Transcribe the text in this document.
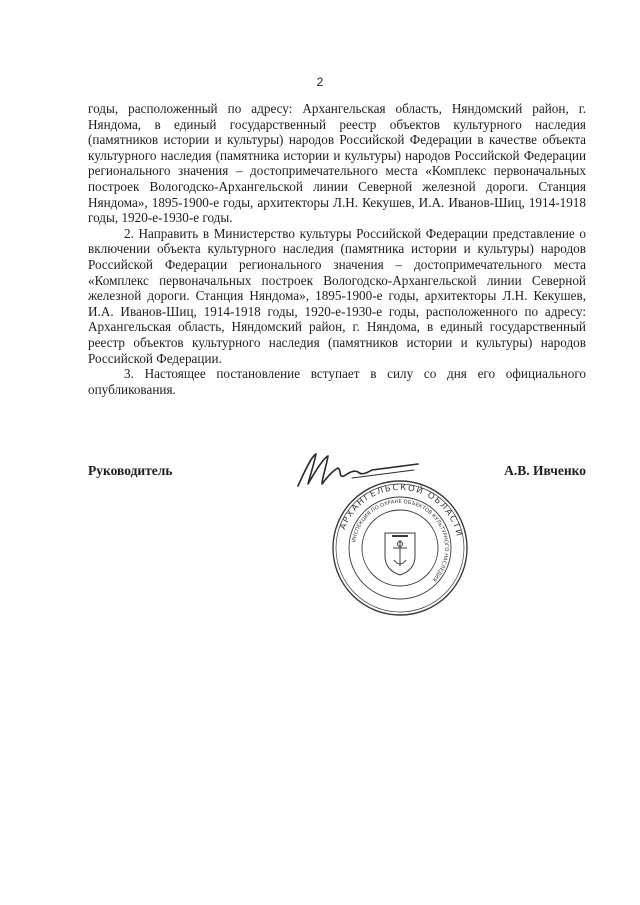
2

годы, расположенный по адресу: Архангельская область, Няндомский район, г. Няндома, в единый государственный реестр объектов культурного наследия (памятников истории и культуры) народов Российской Федерации в качестве объекта культурного наследия (памятника истории и культуры) народов Российской Федерации регионального значения – достопримечательного места «Комплекс первоначальных построек Вологодско-Архангельской линии Северной железной дороги. Станция Няндома», 1895-1900-е годы, архитекторы Л.Н. Кекушев, И.А. Иванов-Шиц, 1914-1918 годы, 1920-е-1930-е годы.

2. Направить в Министерство культуры Российской Федерации представление о включении объекта культурного наследия (памятника истории и культуры) народов Российской Федерации регионального значения – достопримечательного места «Комплекс первоначальных построек Вологодско-Архангельской линии Северной железной дороги. Станция Няндома», 1895-1900-е годы, архитекторы Л.Н. Кекушев, И.А. Иванов-Шиц, 1914-1918 годы, 1920-е-1930-е годы, расположенного по адресу: Архангельская область, Няндомский район, г. Няндома, в единый государственный реестр объектов культурного наследия (памятников истории и культуры) народов Российской Федерации.

3. Настоящее постановление вступает в силу со дня его официального опубликования.

Руководитель	А.В. Ивченко
АРХАНГЕЛЬСКОЙ ОБЛАСТИ
ИНСПЕКЦИЯ ПО ОХРАНЕ ОБЪЕКТОВ КУЛЬТУРНОГО НАСЛЕДИЯ
